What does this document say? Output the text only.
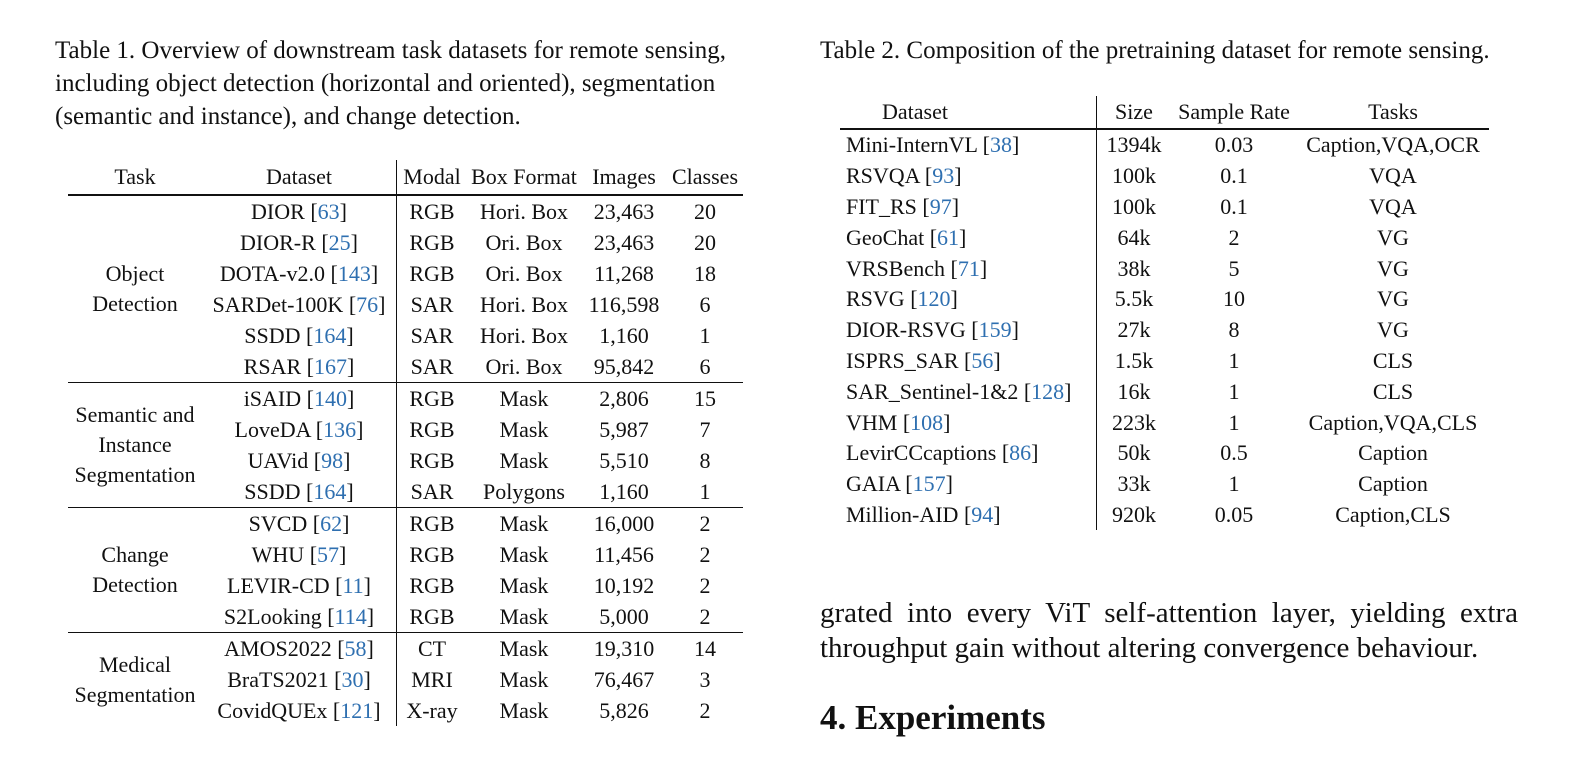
Table 1. Overview of downstream task datasets for remote sensing, including object detection (horizontal and oriented), segmentation (semantic and instance), and change detection.

Task	Dataset	Modal	Box Format	Images	Classes
Object
Detection	DIOR [63]	RGB	Hori. Box	23,463	20
	DIOR-R [25]	RGB	Ori. Box	23,463	20
	DOTA-v2.0 [143]	RGB	Ori. Box	11,268	18
	SARDet-100K [76]	SAR	Hori. Box	116,598	6
	SSDD [164]	SAR	Hori. Box	1,160	1
	RSAR [167]	SAR	Ori. Box	95,842	6
Semantic and
Instance
Segmentation	iSAID [140]	RGB	Mask	2,806	15
	LoveDA [136]	RGB	Mask	5,987	7
	UAVid [98]	RGB	Mask	5,510	8
	SSDD [164]	SAR	Polygons	1,160	1
Change
Detection	SVCD [62]	RGB	Mask	16,000	2
	WHU [57]	RGB	Mask	11,456	2
	LEVIR-CD [11]	RGB	Mask	10,192	2
	S2Looking [114]	RGB	Mask	5,000	2
Medical
Segmentation	AMOS2022 [58]	CT	Mask	19,310	14
	BraTS2021 [30]	MRI	Mask	76,467	3
	CovidQUEx [121]	X-ray	Mask	5,826	2

Table 2. Composition of the pretraining dataset for remote sensing.

Dataset	Size	Sample Rate	Tasks
Mini-InternVL [38]	1394k	0.03	Caption,VQA,OCR
RSVQA [93]	100k	0.1	VQA
FIT_RS [97]	100k	0.1	VQA
GeoChat [61]	64k	2	VG
VRSBench [71]	38k	5	VG
RSVG [120]	5.5k	10	VG
DIOR-RSVG [159]	27k	8	VG
ISPRS_SAR [56]	1.5k	1	CLS
SAR_Sentinel-1&2 [128]	16k	1	CLS
VHM [108]	223k	1	Caption,VQA,CLS
LevirCCcaptions [86]	50k	0.5	Caption
GAIA [157]	33k	1	Caption
Million-AID [94]	920k	0.05	Caption,CLS

grated into every ViT self-attention layer, yielding extra throughput gain without altering convergence behaviour.

4. Experiments
